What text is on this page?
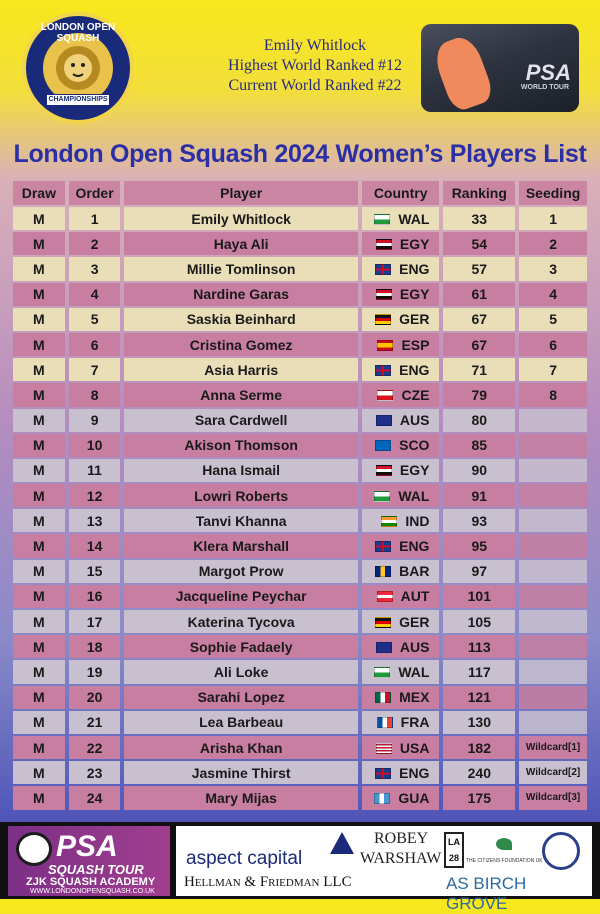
LONDON OPEN SQUASH
CHAMPIONSHIPS
Emily Whitlock
Highest World Ranked #12
Current World Ranked #22
PSA
WORLD TOUR
London Open Squash 2024 Women’s Players List
Draw	Order	Player	Country	Ranking	Seeding
M	1	Emily Whitlock	WAL	33	1
M	2	Haya Ali	EGY	54	2
M	3	Millie Tomlinson	ENG	57	3
M	4	Nardine Garas	EGY	61	4
M	5	Saskia Beinhard	GER	67	5
M	6	Cristina Gomez	ESP	67	6
M	7	Asia Harris	ENG	71	7
M	8	Anna Serme	CZE	79	8
M	9	Sara Cardwell	AUS	80	
M	10	Akison Thomson	SCO	85	
M	11	Hana Ismail	EGY	90	
M	12	Lowri Roberts	WAL	91	
M	13	Tanvi Khanna	IND	93	
M	14	Klera Marshall	ENG	95	
M	15	Margot Prow	BAR	97	
M	16	Jacqueline Peychar	AUT	101	
M	17	Katerina Tycova	GER	105	
M	18	Sophie Fadaely	AUS	113	
M	19	Ali Loke	WAL	117	
M	20	Sarahi Lopez	MEX	121	
M	21	Lea Barbeau	FRA	130	
M	22	Arisha Khan	USA	182	Wildcard[1]
M	23	Jasmine Thirst	ENG	240	Wildcard[2]
M	24	Mary Mijas	GUA	175	Wildcard[3]
PSA
SQUASH TOUR
ZJK SQUASH ACADEMY
WWW.LONDONOPENSQUASH.CO.UK
aspect capital
ROBEY
WARSHAW
LA 28	THE CITIZENS FOUNDATION UK
Hellman & Friedman LLC	AS BIRCH GROVE
